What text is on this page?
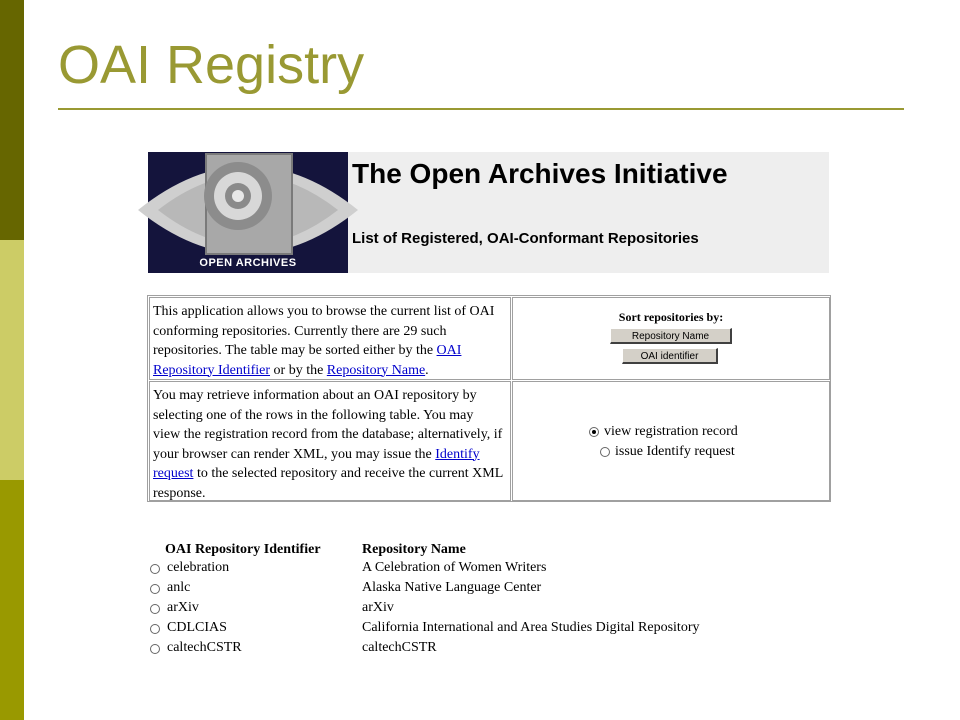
OAI Registry
OPEN ARCHIVES
The Open Archives Initiative
List of Registered, OAI-Conformant Repositories
This application allows you to browse the current list of OAI conforming repositories. Currently there are 29 such repositories. The table may be sorted either by the OAI Repository Identifier or by the Repository Name.
Sort repositories by:
Repository Name
OAI identifier
You may retrieve information about an OAI repository by selecting one of the rows in the following table. You may view the registration record from the database; alternatively, if your browser can render XML, you may issue the Identify request to the selected repository and receive the current XML response.
view registration record
issue Identify request
OAI Repository Identifier	Repository Name
celebration	A Celebration of Women Writers
anlc	Alaska Native Language Center
arXiv	arXiv
CDLCIAS	California International and Area Studies Digital Repository
caltechCSTR	caltechCSTR
